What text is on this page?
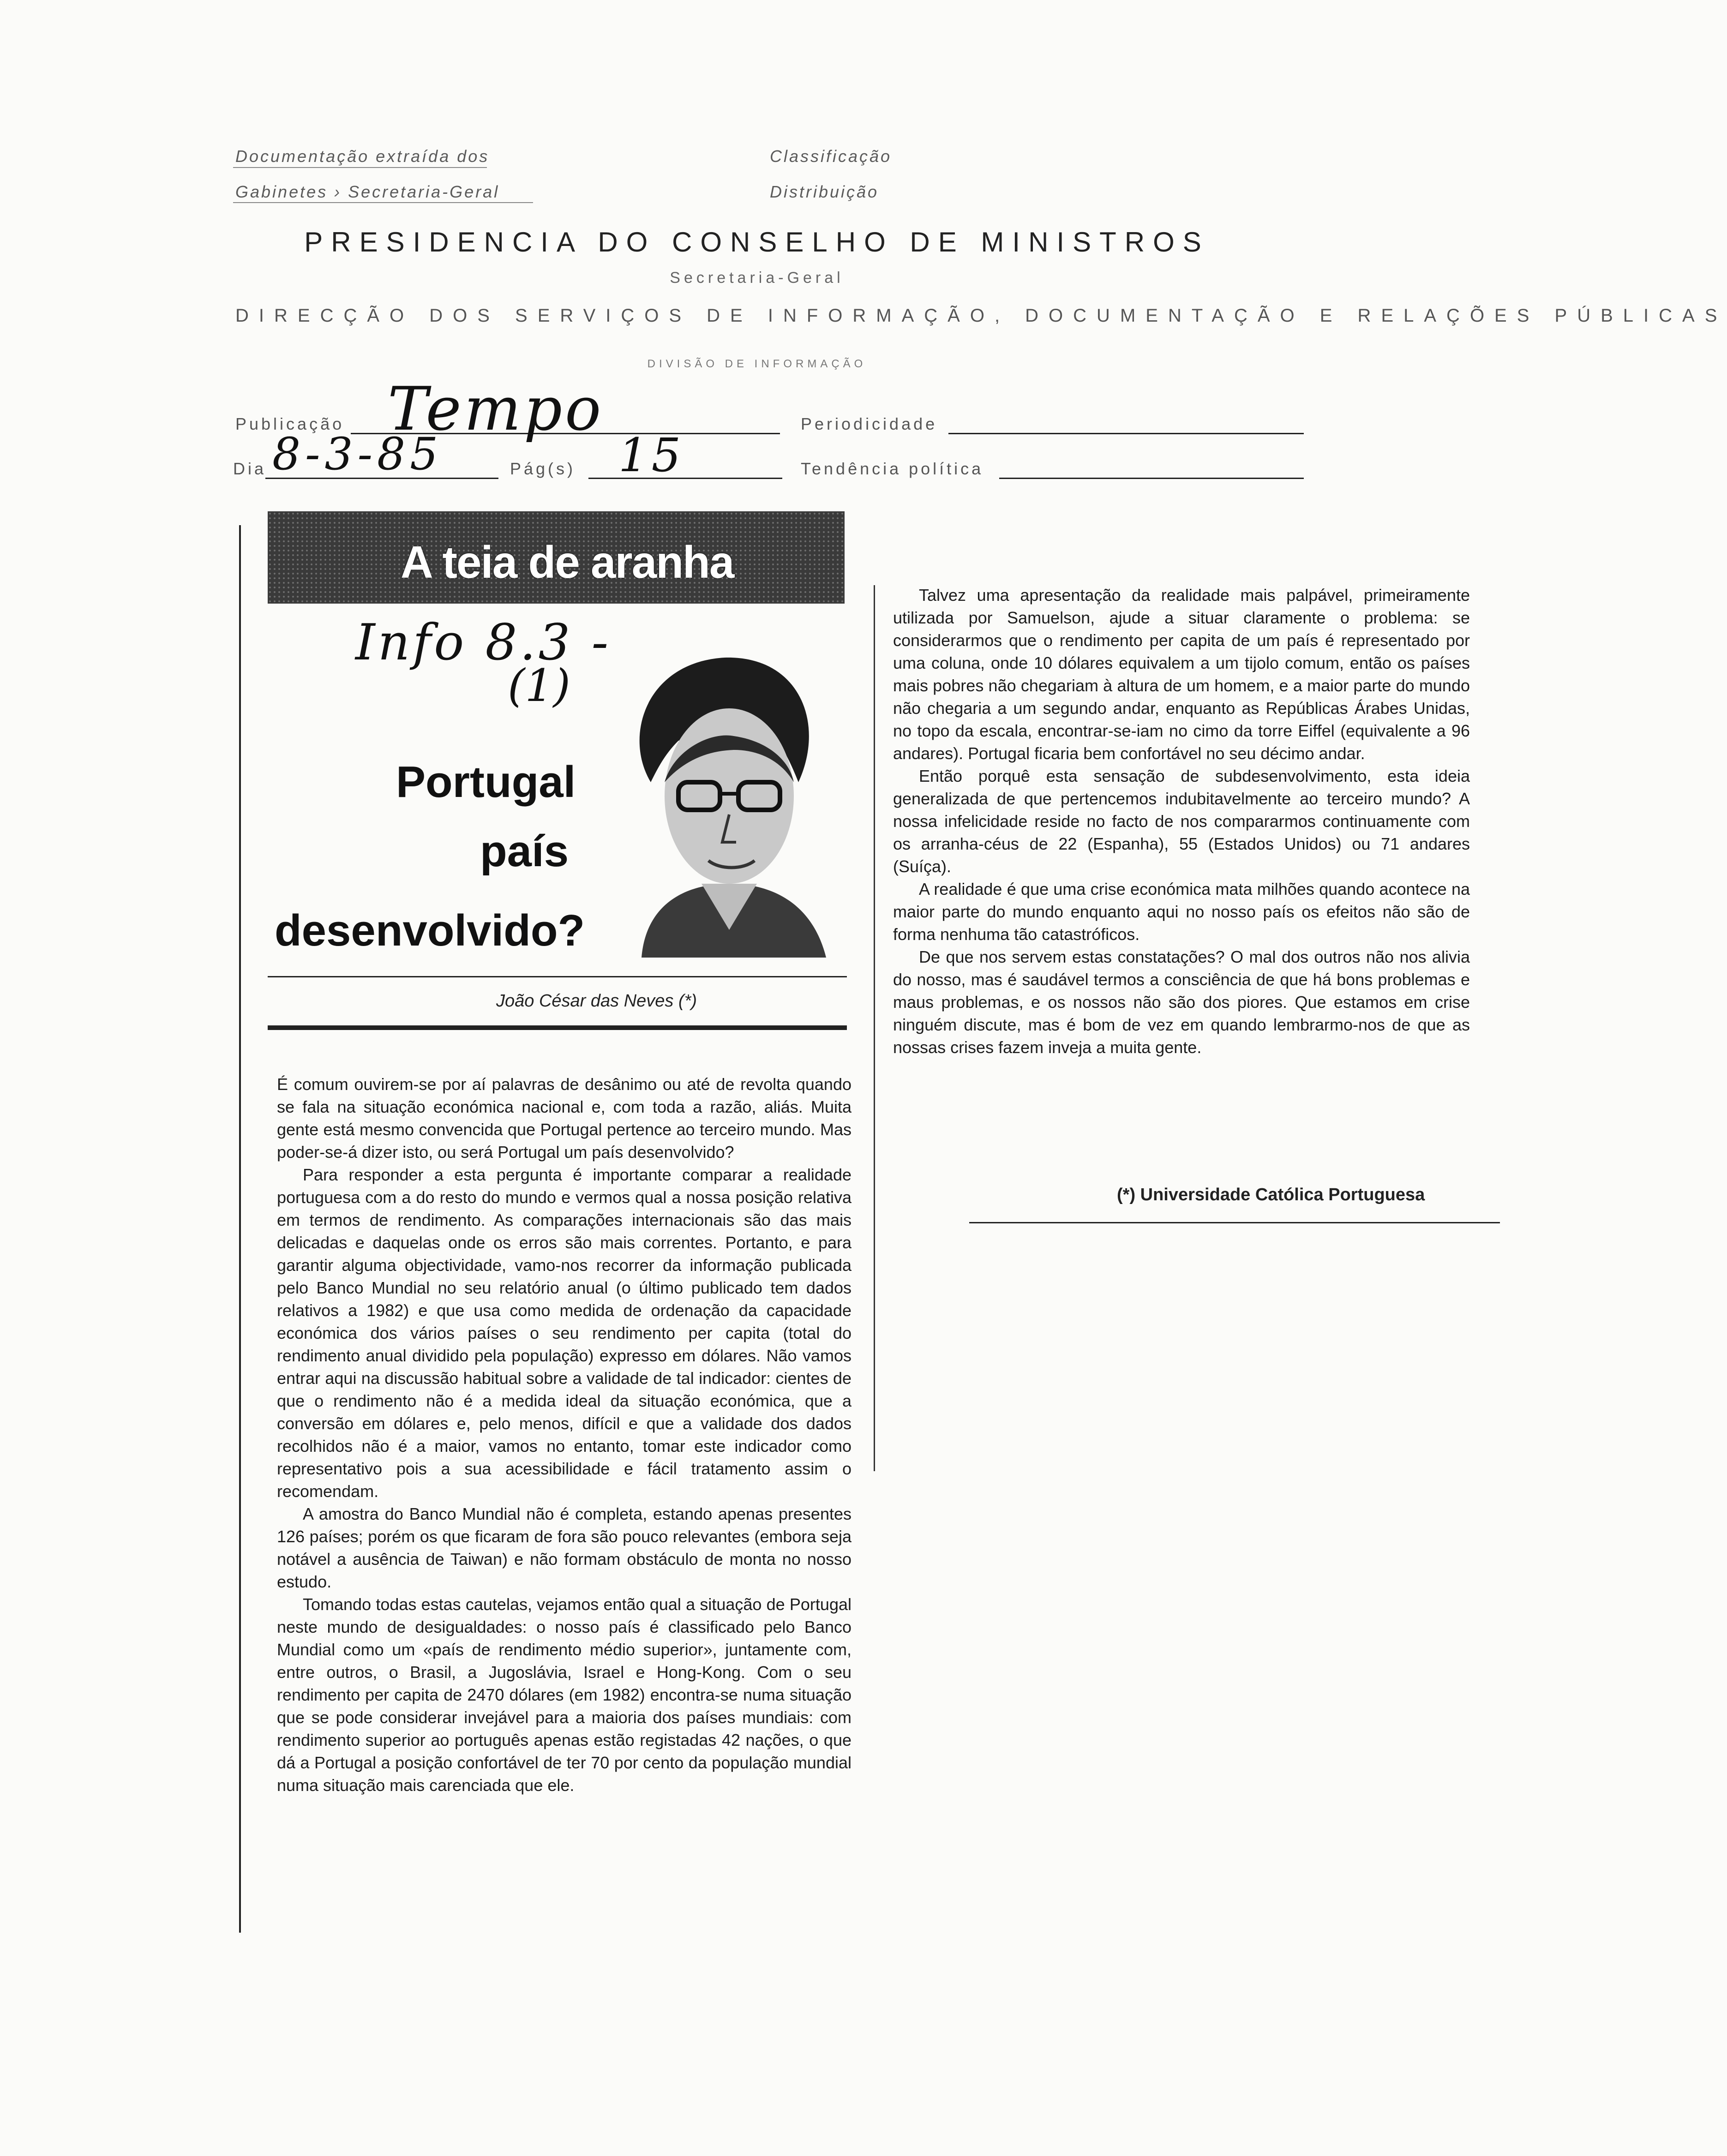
Documentação extraída dos
Gabinetes › Secretaria-Geral
Classificação
Distribuição
PRESIDENCIA DO CONSELHO DE MINISTROS
Secretaria-Geral
DIRECÇÃO DOS SERVIÇOS DE INFORMAÇÃO, DOCUMENTAÇÃO E RELAÇÕES PÚBLICAS
DIVISÃO DE INFORMAÇÃO
Publicação Tempo	Periodicidade
Dia 8-3-85	Pág(s) 15	Tendência política
A teia de aranha
Info 8.3 -
(1)
Portugal
país
desenvolvido?
João César das Neves (*)

É comum ouvirem-se por aí palavras de desânimo ou até de revolta quando se fala na situação económica nacional e, com toda a razão, aliás. Muita gente está mesmo convencida que Portugal pertence ao terceiro mundo. Mas poder-se-á dizer isto, ou será Portugal um país desenvolvido?

Para responder a esta pergunta é importante comparar a realidade portuguesa com a do resto do mundo e vermos qual a nossa posição relativa em termos de rendimento. As comparações internacionais são das mais delicadas e daquelas onde os erros são mais correntes. Portanto, e para garantir alguma objectividade, vamo-nos recorrer da informação publicada pelo Banco Mundial no seu relatório anual (o último publicado tem dados relativos a 1982) e que usa como medida de ordenação da capacidade económica dos vários países o seu rendimento per capita (total do rendimento anual dividido pela população) expresso em dólares. Não vamos entrar aqui na discussão habitual sobre a validade de tal indicador: cientes de que o rendimento não é a medida ideal da situação económica, que a conversão em dólares e, pelo menos, difícil e que a validade dos dados recolhidos não é a maior, vamos no entanto, tomar este indicador como representativo pois a sua acessibilidade e fácil tratamento assim o recomendam.

A amostra do Banco Mundial não é completa, estando apenas presentes 126 países; porém os que ficaram de fora são pouco relevantes (embora seja notável a ausência de Taiwan) e não formam obstáculo de monta no nosso estudo.

Tomando todas estas cautelas, vejamos então qual a situação de Portugal neste mundo de desigualdades: o nosso país é classificado pelo Banco Mundial como um «país de rendimento médio superior», juntamente com, entre outros, o Brasil, a Jugoslávia, Israel e Hong-Kong. Com o seu rendimento per capita de 2470 dólares (em 1982) encontra-se numa situação que se pode considerar invejável para a maioria dos países mundiais: com rendimento superior ao português apenas estão registadas 42 nações, o que dá a Portugal a posição confortável de ter 70 por cento da população mundial numa situação mais carenciada que ele.

Talvez uma apresentação da realidade mais palpável, primeiramente utilizada por Samuelson, ajude a situar claramente o problema: se considerarmos que o rendimento per capita de um país é representado por uma coluna, onde 10 dólares equivalem a um tijolo comum, então os países mais pobres não chegariam à altura de um homem, e a maior parte do mundo não chegaria a um segundo andar, enquanto as Repúblicas Árabes Unidas, no topo da escala, encontrar-se-iam no cimo da torre Eiffel (equivalente a 96 andares). Portugal ficaria bem confortável no seu décimo andar.

Então porquê esta sensação de subdesenvolvimento, esta ideia generalizada de que pertencemos indubitavelmente ao terceiro mundo? A nossa infelicidade reside no facto de nos compararmos continuamente com os arranha-céus de 22 (Espanha), 55 (Estados Unidos) ou 71 andares (Suíça).

A realidade é que uma crise económica mata milhões quando acontece na maior parte do mundo enquanto aqui no nosso país os efeitos não são de forma nenhuma tão catastróficos.

De que nos servem estas constatações? O mal dos outros não nos alivia do nosso, mas é saudável termos a consciência de que há bons problemas e maus problemas, e os nossos não são dos piores. Que estamos em crise ninguém discute, mas é bom de vez em quando lembrarmo-nos de que as nossas crises fazem inveja a muita gente.

(*) Universidade Católica Portuguesa
